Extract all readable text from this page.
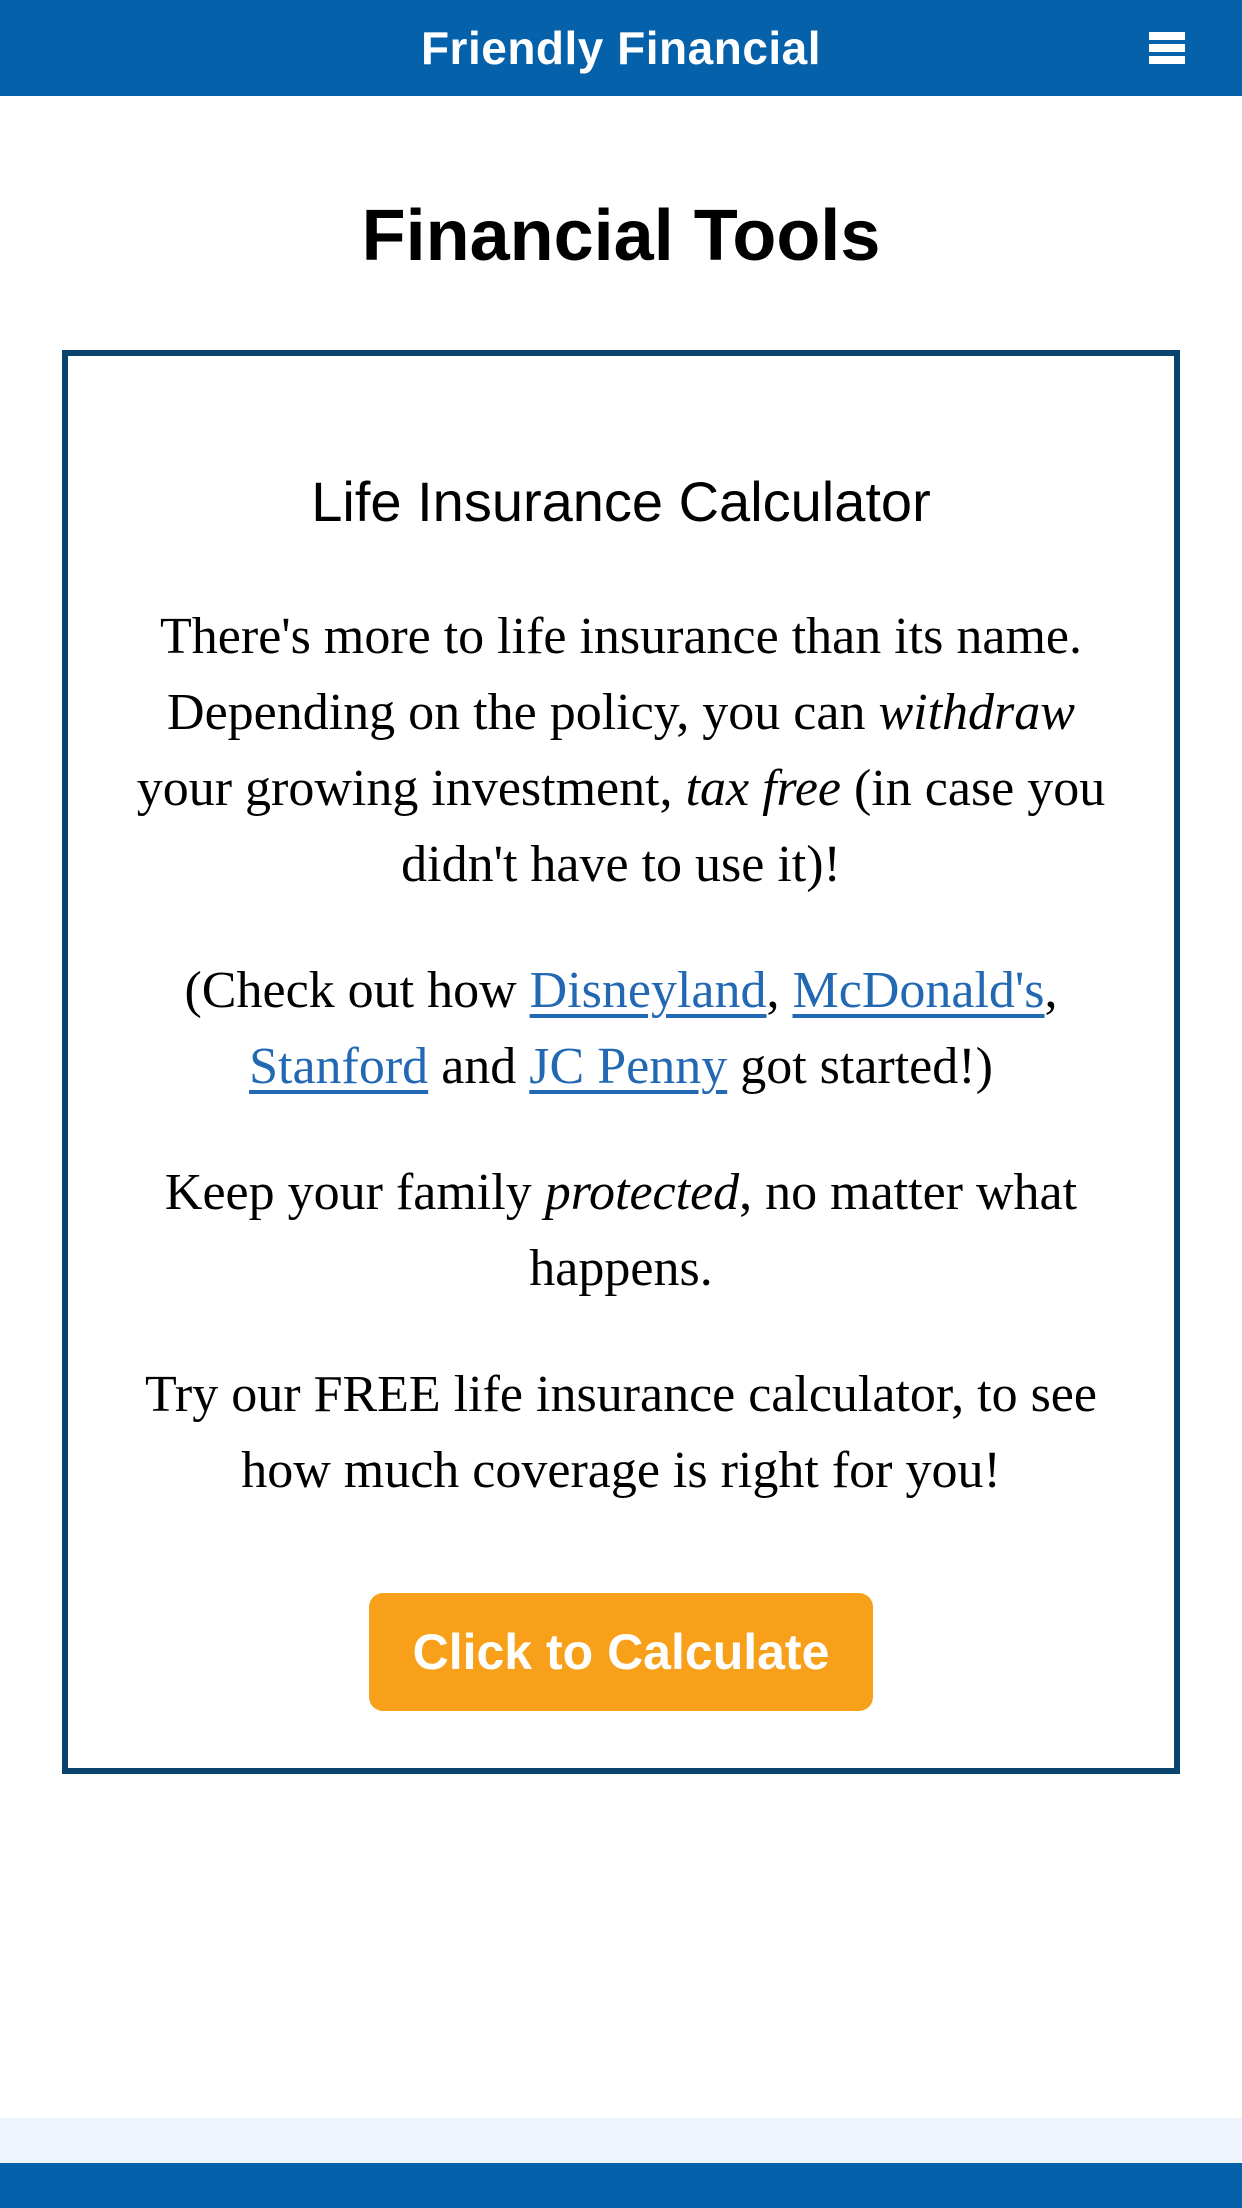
Friendly Financial
Financial Tools
Life Insurance Calculator

There's more to life insurance than its name. Depending on the policy, you can withdraw your growing investment, tax free (in case you didn't have to use it)!

(Check out how Disneyland, McDonald's, Stanford and JC Penny got started!)

Keep your family protected, no matter what happens.

Try our FREE life insurance calculator, to see how much coverage is right for you!

Click to Calculate
